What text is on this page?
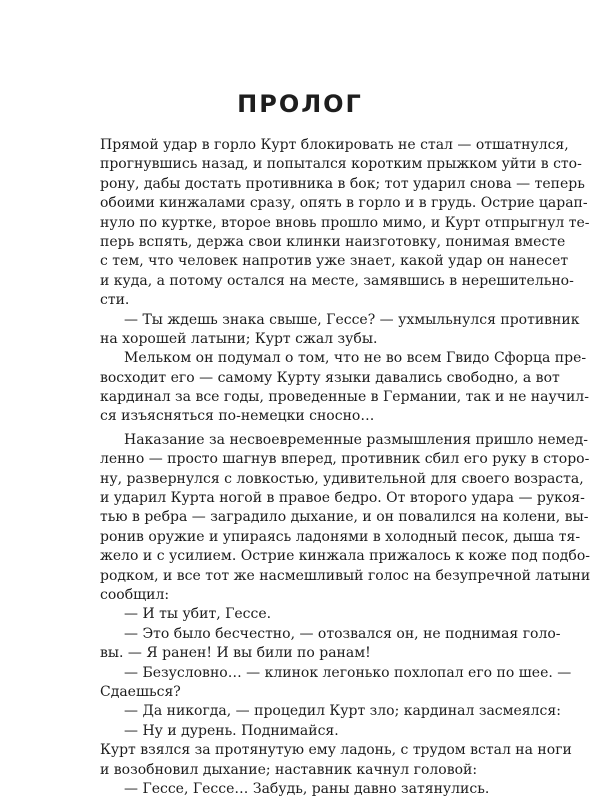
ПРОЛОГ
Прямой удар в горло Курт блокировать не стал — отшатнулся,
прогнувшись назад, и попытался коротким прыжком уйти в сто-
рону, дабы достать противника в бок; тот ударил снова — теперь
обоими кинжалами сразу, опять в горло и в грудь. Острие царап-
нуло по куртке, второе вновь прошло мимо, и Курт отпрыгнул те-
перь вспять, держа свои клинки наизготовку, понимая вместе
с тем, что человек напротив уже знает, какой удар он нанесет
и куда, а потому остался на месте, замявшись в нерешительно-
сти.
— Ты ждешь знака свыше, Гессе? — ухмыльнулся противник
на хорошей латыни; Курт сжал зубы.
Мельком он подумал о том, что не во всем Гвидо Сфорца пре-
восходит его — самому Курту языки давались свободно, а вот
кардинал за все годы, проведенные в Германии, так и не научил-
ся изъясняться по-немецки сносно…
Наказание за несвоевременные размышления пришло немед-
ленно — просто шагнув вперед, противник сбил его руку в сторо-
ну, развернулся с ловкостью, удивительной для своего возраста,
и ударил Курта ногой в правое бедро. От второго удара — рукоя-
тью в ребра — заградило дыхание, и он повалился на колени, вы-
ронив оружие и упираясь ладонями в холодный песок, дыша тя-
жело и с усилием. Острие кинжала прижалось к коже под подбо-
родком, и все тот же насмешливый голос на безупречной латыни
сообщил:
— И ты убит, Гессе.
— Это было бесчестно, — отозвался он, не поднимая голо-
вы. — Я ранен! И вы били по ранам!
— Безусловно… — клинок легонько похлопал его по шее. —
Сдаешься?
— Да никогда, — процедил Курт зло; кардинал засмеялся:
— Ну и дурень. Поднимайся.
Курт взялся за протянутую ему ладонь, с трудом встал на ноги
и возобновил дыхание; наставник качнул головой:
— Гессе, Гессе… Забудь, раны давно затянулись.
